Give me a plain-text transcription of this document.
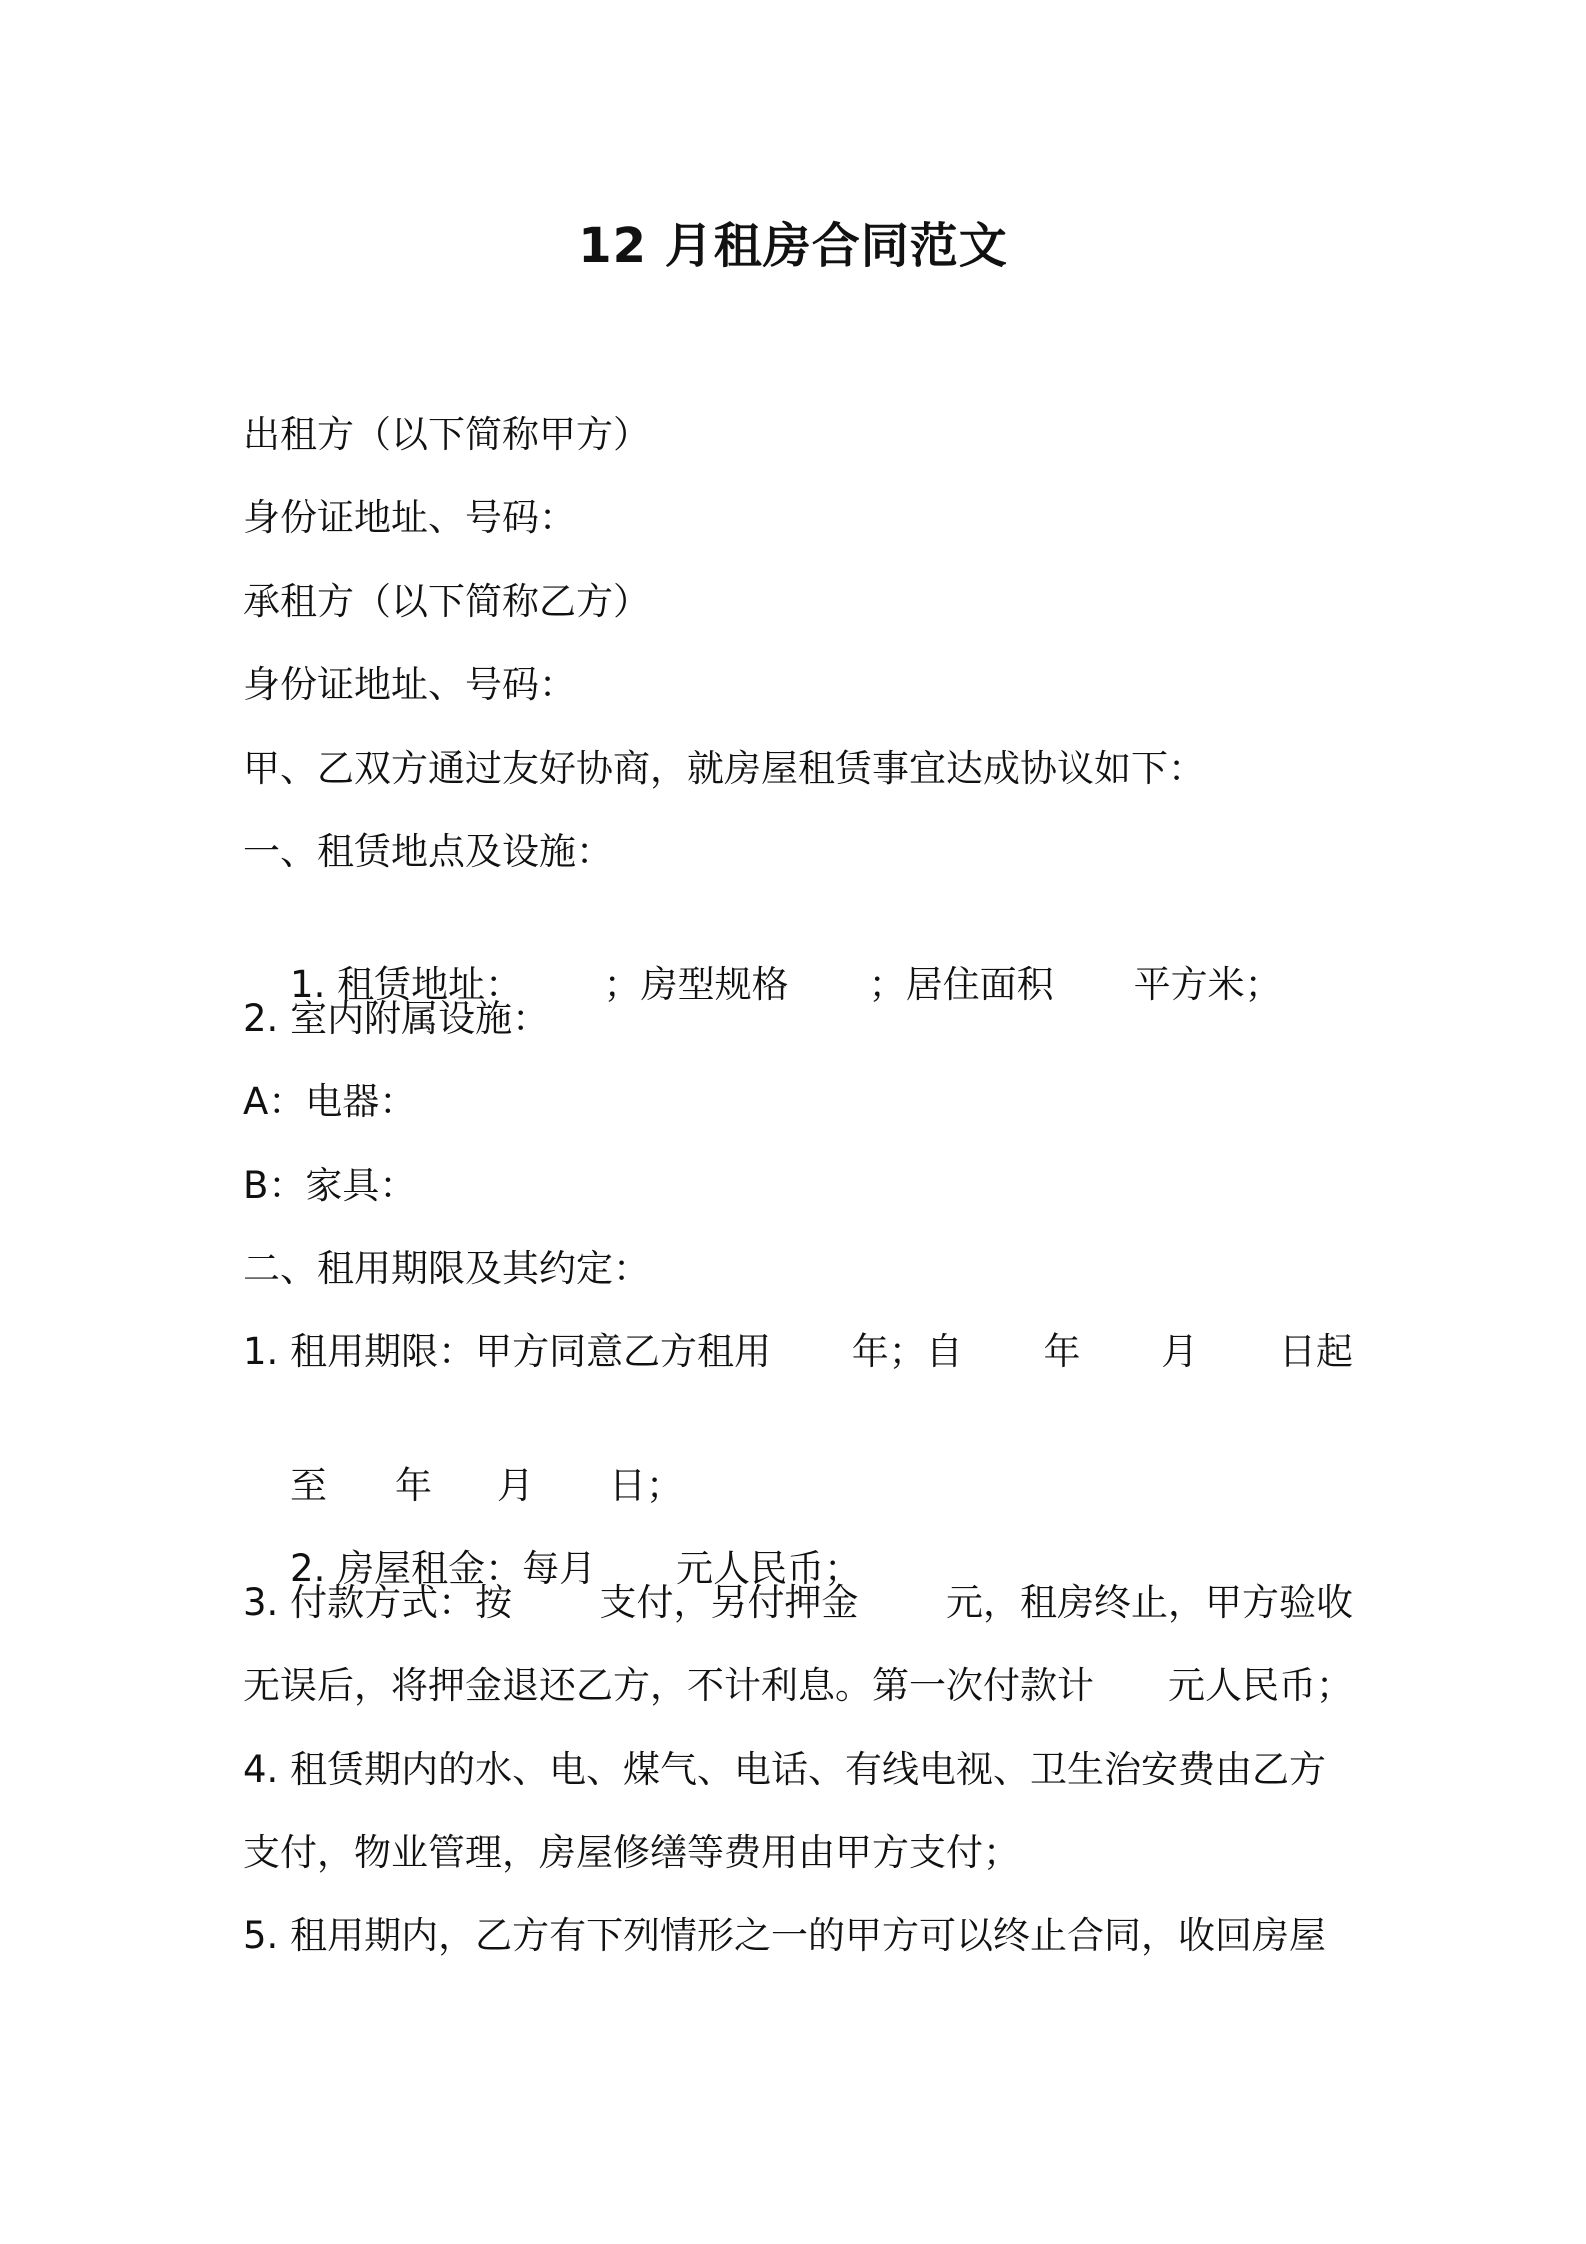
12 月租房合同范文

出租方（以下简称甲方）

身份证地址、号码：

承租方（以下简称乙方）

身份证地址、号码：

甲、乙双方通过友好协商，就房屋租赁事宜达成协议如下：

一、租赁地点及设施：

1. 租赁地址：	；房型规格 ；居住面积 平方米；

2. 室内附属设施：

A：电器：

B：家具：

二、租用期限及其约定：

1. 租用期限：甲方同意乙方租用 年；自 年 月 日起

至 年 月 日；

2. 房屋租金：每月 元人民币；

3. 付款方式：按 支付，另付押金 元，租房终止，甲方验收

无误后，将押金退还乙方，不计利息。第一次付款计 元人民币；

4. 租赁期内的水、电、煤气、电话、有线电视、卫生治安费由乙方

支付，物业管理，房屋修缮等费用由甲方支付；

5. 租用期内，乙方有下列情形之一的甲方可以终止合同，收回房屋
